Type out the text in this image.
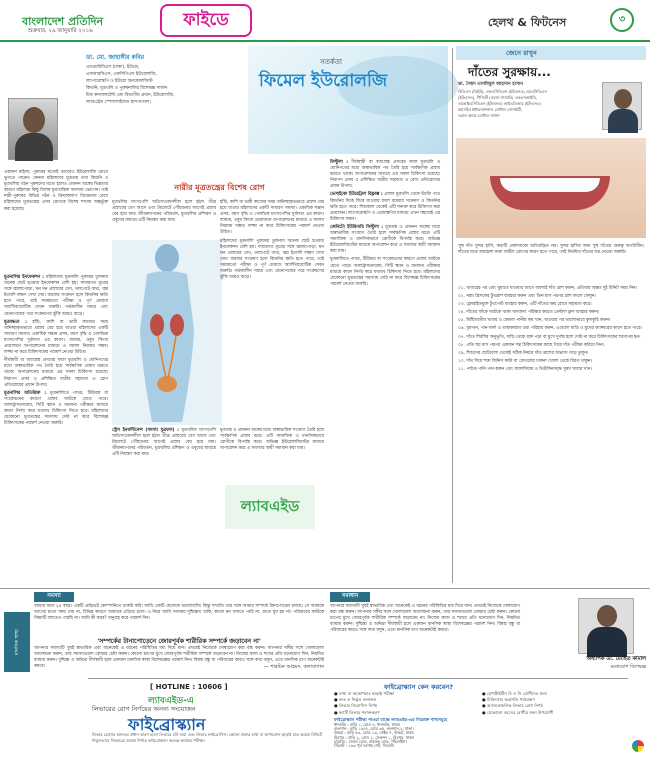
বাংলাদেশ প্রতিদিন
শুক্রবার, ২৯ জানুয়ারি ২০১৬
ফাইডে	হেলথ & ফিটনেস	৩
ডা. মো. জাহাঙ্গীর কবির
এমএমবিবিএস (ঢাকা), ইউরো,
এফআরসিএস, এফসিপিএস ইউরোলজি,
ল্যাপারোস্কপি ও ইউরো অনকোলজিস্ট
কিডনি, মূত্রথলি ও পুরুষনালির বিশেষজ্ঞ সার্জন
চিফ কনসালটেন্ট এন্ড বিভাগীয় প্রধান, ইউরোলজি,
ল্যাবএইড স্পেশালাইজড হাসপাতাল।
সতর্কতা
ফিমেল ইউরোলজি
একজন মহিলা, পুরুষের মতোই তাদেরও ইউরোলজি রোগে ভুগতে পারেন। কেননা মহিলাদের মূত্রতন্ত্র তথা কিডনি ও মূত্রথলির গঠন পুরুষদের মতো হলেও প্রজনন অঙ্গের ভিন্নতার কারণে মহিলারা কিছু বিশেষ মূত্রতান্ত্রিক সমস্যায় ভোগেন। তাই নারী-পুরুষের বিভিন্ন গঠন ও ক্রিয়াকলাপ বিবেচনায় রেখে মহিলাদের মূত্রতন্ত্রের এসব রোগকে বিশেষ শাখায় অন্তর্ভুক্ত করা হয়েছে।
নারীর মূত্রতন্ত্রের বিশেষ রোগ

মূত্রনালির ইনফেকশন : মহিলাদের মূত্রনালি পুরুষের তুলনায় অনেক ছোট হওয়ায় ইনফেকশন বেশি হয়। সাধারণত মূত্রের সঙ্গে জ্বালাপোড়া, ঘন ঘন প্রস্রাবের বেগ, তলপেটে ব্যথা, জ্বর ইত্যাদি লক্ষণ দেখা দেয়। বারবার সংক্রমণ হলে কিডনির ক্ষতি হতে পারে, তাই সময়মতো পরীক্ষা ও পূর্ণ মেয়াদে অ্যান্টিবায়োটিক সেবন জরুরি। গর্ভকালীন সময়ে এবং মেনোপজের পরে সংক্রমণের ঝুঁকি আরও বাড়ে।

মূত্রবদ্ধতা : হাঁচি, কাশি বা ভারী কাজের সময় অনিচ্ছাকৃতভাবে প্রস্রাব বের হয়ে যাওয়া মহিলাদের একটি সাধারণ সমস্যা। একাধিক সন্তান প্রসব, বয়স বৃদ্ধি ও পেলভিক মাংসপেশির দুর্বলতা এর কারণ। ব্যায়াম, ওষুধ কিংবা প্রয়োজনে অপারেশনের মাধ্যমে এ সমস্যা নিরাময় সম্ভব। লজ্জা না করে চিকিৎসকের পরামর্শ নেওয়া উচিত।

দীর্ঘস্থায়ী বা বাধাগ্রস্ত প্রসবের ফলে মূত্রথলি ও যোনিপথের মধ্যে অস্বাভাবিক পথ তৈরি হয়ে সার্বক্ষণিক প্রস্রাব ঝরতে থাকে। অপারেশনের মাধ্যমে এর সফল চিকিৎসা রয়েছে। নিরাপদ প্রসব ও প্রশিক্ষিত ধাত্রীর সহায়তা এ রোগ প্রতিরোধের প্রধান উপায়।

মূত্রনালির অতিরিক্ত : মূত্রনালিতে পাথর, টিউমার বা সংকোচনের কারণে প্রস্রাব আটকে যেতে পারে। আলট্রাসনোগ্রাম, সিটি স্ক্যান ও অন্যান্য পরীক্ষার মাধ্যমে কারণ নির্ণয় করে যথাযথ চিকিৎসা নিতে হবে। মহিলাদের যেকোনো মূত্রতন্ত্রের সমস্যায় দেরি না করে বিশেষজ্ঞ চিকিৎসকের পরামর্শ নেওয়া জরুরি।

মূত্রথলির মাংসপেশি অতিসংবেদনশীল হলে হঠাৎ তীব্র প্রস্রাবের বেগ আসে এবং টয়লেটে পৌঁছানোর আগেই প্রস্রাব বের হয়ে যায়। জীবনযাপনের পরিবর্তন, মূত্রথলির প্রশিক্ষণ ও ওষুধের মাধ্যমে এটি নিয়ন্ত্রণ করা যায়।

স্ট্রেস ইনকন্টিনেন্স (সমস্যা মূত্রফল) : মূত্রথলির মাংসপেশি অতিসংবেদনশীল হলে হঠাৎ তীব্র প্রস্রাবের বেগ আসে এবং টয়লেটে পৌঁছানোর আগেই প্রস্রাব বের হয়ে যায়। জীবনযাপনের পরিবর্তন, মূত্রথলির প্রশিক্ষণ ও ওষুধের মাধ্যমে এটি নিয়ন্ত্রণ করা যায়।

মূত্রতন্ত্র ও প্রজনন অঙ্গের মধ্যে অস্বাভাবিক সংযোগ তৈরি হলে সার্বক্ষণিক প্রস্রাব ঝরে। এটি সামাজিক ও মানসিকভাবে রোগীকে বিপর্যস্ত করে। অভিজ্ঞ ইউরোলজিস্টের মাধ্যমে অপারেশন করে এ সমস্যার স্থায়ী সমাধান করা যায়।

হাঁচি, কাশি বা ভারী কাজের সময় অনিচ্ছাকৃতভাবে প্রস্রাব বের হয়ে যাওয়া মহিলাদের একটি সাধারণ সমস্যা। একাধিক সন্তান প্রসব, বয়স বৃদ্ধি ও পেলভিক মাংসপেশির দুর্বলতা এর কারণ। ব্যায়াম, ওষুধ কিংবা প্রয়োজনে অপারেশনের মাধ্যমে এ সমস্যা নিরাময় সম্ভব। লজ্জা না করে চিকিৎসকের পরামর্শ নেওয়া উচিত।

মহিলাদের মূত্রনালি পুরুষের তুলনায় অনেক ছোট হওয়ায় ইনফেকশন বেশি হয়। সাধারণত মূত্রের সঙ্গে জ্বালাপোড়া, ঘন ঘন প্রস্রাবের বেগ, তলপেটে ব্যথা, জ্বর ইত্যাদি লক্ষণ দেখা দেয়। বারবার সংক্রমণ হলে কিডনির ক্ষতি হতে পারে, তাই সময়মতো পরীক্ষা ও পূর্ণ মেয়াদে অ্যান্টিবায়োটিক সেবন জরুরি। গর্ভকালীন সময়ে এবং মেনোপজের পরে সংক্রমণের ঝুঁকি আরও বাড়ে।

ল্যাবএইড

ফিস্টুলা : দীর্ঘস্থায়ী বা বাধাগ্রস্ত প্রসবের ফলে মূত্রথলি ও যোনিপথের মধ্যে অস্বাভাবিক পথ তৈরি হয়ে সার্বক্ষণিক প্রস্রাব ঝরতে থাকে। অপারেশনের মাধ্যমে এর সফল চিকিৎসা রয়েছে। নিরাপদ প্রসব ও প্রশিক্ষিত ধাত্রীর সহায়তা এ রোগ প্রতিরোধের প্রধান উপায়।

ভেসাইকো ইউরেট্রাল রিফ্লাক্স : প্রস্রাব মূত্রথলি থেকে উল্টো পথে কিডনির দিকে ফিরে যাওয়ার ফলে বারবার সংক্রমণ ও কিডনির ক্ষতি হতে পারে। শিশুকাল থেকেই এটি শনাক্ত করে চিকিৎসা করা প্রয়োজন। ল্যাপারোস্কপি ও এন্ডোস্কপির মাধ্যমে এখন সহজেই এর চিকিৎসা সম্ভব।

জেনিটো ইউরিনারি ফিস্টুলা : মূত্রতন্ত্র ও প্রজনন অঙ্গের মধ্যে অস্বাভাবিক সংযোগ তৈরি হলে সার্বক্ষণিক প্রস্রাব ঝরে। এটি সামাজিক ও মানসিকভাবে রোগীকে বিপর্যস্ত করে। অভিজ্ঞ ইউরোলজিস্টের মাধ্যমে অপারেশন করে এ সমস্যার স্থায়ী সমাধান করা যায়।

মূত্রনালিতে পাথর, টিউমার বা সংকোচনের কারণে প্রস্রাব আটকে যেতে পারে। আলট্রাসনোগ্রাম, সিটি স্ক্যান ও অন্যান্য পরীক্ষার মাধ্যমে কারণ নির্ণয় করে যথাযথ চিকিৎসা নিতে হবে। মহিলাদের যেকোনো মূত্রতন্ত্রের সমস্যায় দেরি না করে বিশেষজ্ঞ চিকিৎসকের পরামর্শ নেওয়া জরুরি।

জেনে রাখুন
দাঁতের সুরক্ষায়...
ডা. সৈয়দ তাসমিমুল আহসান হাসান
বিডিএস (ডিইউ), এফএসিডিএস (ইউএসএ) এমএসিডিএস
(ইউএসএ), পিজিটি (ওরাল সার্জারি) এফএসআইডি,
এমআইএসিডিএস (ইউএসএ) আইএডিআর (ইউএসএ)
মহাসচিব ইন্টারন্যাশনাল ডেন্টাল সোসাইটি,
ওরাল অ্যান্ড ডেন্টাল সার্জন
সুস্থ দাঁত সুন্দর হাসি, কথাটি প্রবাদবাক্যে অতিরঞ্জিত নয়। সুন্দর হাসির জন্য সুস্থ দাঁতের গুরুত্ব অপরিসীম। দাঁতের যত্নে অবহেলা নানা জটিল রোগের কারণ হতে পারে, তাই নিয়মিত দাঁতের যত্ন নেওয়া জরুরি।

০১. খাবারের পর এবং ঘুমাতে যাওয়ার আগে অবশ্যই দাঁত ব্রাশ করুন, প্রতিবার অন্তত দুই মিনিট সময় নিন।

০২. নরম ব্রিসলের টুথব্রাশ ব্যবহার করুন এবং তিন মাস পরপর ব্রাশ বদলে ফেলুন।

০৩. ফ্লোরাইডযুক্ত টুথপেস্ট ব্যবহার করুন, এটি দাঁতের ক্ষয় রোধে সহায়তা করে।

০৪. দাঁতের ফাঁকে আটকে থাকা খাদ্যকণা পরিষ্কার করতে ডেন্টাল ফ্লস ব্যবহার করুন।

০৫. মিষ্টিজাতীয় খাবার ও কোমল পানীয় কম খান, খাওয়ার পর ভালোভাবে কুলকুচি করুন।

০৬. ধূমপান, পান-জর্দা ও তামাকজাত দ্রব্য পরিহার করুন, এগুলো মাড়ি ও মুখের ক্যান্সারের কারণ হতে পারে।

০৭. দাঁতে শিরশির অনুভূতি, মাড়ি থেকে রক্ত পড়া বা মুখে দুর্গন্ধ হলে দেরি না করে চিকিৎসকের শরণাপন্ন হন।

০৮. প্রতি ছয় মাস পরপর একজন দন্ত চিকিৎসকের কাছে গিয়ে দাঁত পরীক্ষা করিয়ে নিন।

০৯. শিশুদের ছোটবেলা থেকেই সঠিক নিয়মে দাঁত ব্রাশের অভ্যাস গড়ে তুলুন।

১০. দাঁত দিয়ে শক্ত জিনিস কাটা বা বোতলের ঢাকনা খোলা থেকে বিরত থাকুন।

১১. পর্যাপ্ত পানি পান করুন এবং ক্যালসিয়াম ও ভিটামিনসমৃদ্ধ সুষম খাবার খান।

মানসিক স্বাস্থ্য
সমস্যা
আমার বয়স ২৪ বছর। একটি প্রাইভেট কোম্পানিতে চাকরি করি। আমি একটি ছেলেকে ভালোবাসি। কিন্তু সম্প্রতি তার সঙ্গে আমার সম্পর্কে টানাপোড়েন চলছে। সে আমাকে আগের মতো সময় দেয় না, বিভিন্ন কারণে আমাকে এড়িয়ে চলে। এ নিয়ে আমি সবসময় দুশ্চিন্তায় থাকি, কাজে মন বসাতে পারি না, রাতে ঘুম হয় না। পরিবারের কাউকে বিষয়টি বলতেও পারছি না। আমি কী করব? অনুগ্রহ করে পরামর্শ দিন।
'সম্পর্কের টানাপোড়েনে জোরপূর্বক শারীরিক সম্পর্কে জড়াবেন না'
আপনার সমস্যাটি খুবই স্বাভাবিক এবং অনেকেই এ ধরনের পরিস্থিতির মধ্য দিয়ে যান। প্রথমেই নিজেকে দোষারোপ করা বন্ধ করুন। আপনার সঙ্গীর সঙ্গে খোলামেলা আলোচনা করুন, তার সমস্যাগুলো বোঝার চেষ্টা করুন। কোনো চাপের মুখে জোরপূর্বক শারীরিক সম্পর্কে জড়াবেন না। নিজের কাজ ও শখের প্রতি মনোযোগ দিন, নিয়মিত ব্যায়াম করুন। দুশ্চিন্তা ও অনিদ্রা দীর্ঘস্থায়ী হলে একজন মানসিক স্বাস্থ্য বিশেষজ্ঞের পরামর্শ নিন। বিশ্বস্ত বন্ধু বা পরিবারের কারও সঙ্গে কথা বলুন, এতে মানসিক চাপ অনেকটাই কমবে।	— শারমিন আহমদ, কলাবাগান
সমাধান
আপনার সমস্যাটি খুবই স্বাভাবিক এবং অনেকেই এ ধরনের পরিস্থিতির মধ্য দিয়ে যান। প্রথমেই নিজেকে দোষারোপ করা বন্ধ করুন। আপনার সঙ্গীর সঙ্গে খোলামেলা আলোচনা করুন, তার সমস্যাগুলো বোঝার চেষ্টা করুন। কোনো চাপের মুখে জোরপূর্বক শারীরিক সম্পর্কে জড়াবেন না। নিজের কাজ ও শখের প্রতি মনোযোগ দিন, নিয়মিত ব্যায়াম করুন। দুশ্চিন্তা ও অনিদ্রা দীর্ঘস্থায়ী হলে একজন মানসিক স্বাস্থ্য বিশেষজ্ঞের পরামর্শ নিন। বিশ্বস্ত বন্ধু বা পরিবারের কারও সঙ্গে কথা বলুন, এতে মানসিক চাপ অনেকটাই কমবে।
অধ্যাপক ডা. মোহিত কামাল
মনোরোগ বিশেষজ্ঞ
[ HOTLINE : 10606 ]
ল্যাবএইড-এ
লিভারের রোগ নির্ণয়ের অনন্য সংযোজন
ফাইব্রোস্ক্যান
লিভার রোগের অন্যতম প্রধান কারণ হলো লিভারে চর্বি জমা এবং লিভার ফাইব্রোসিস। কোনো প্রকার ব্যথা বা অপারেশন ছাড়াই মাত্র কয়েক মিনিটে নির্ভুলভাবে লিভারের অবস্থা নির্ণয়ে ফাইব্রোস্ক্যান অত্যন্ত কার্যকর পরীক্ষা।
ফাইব্রোস্ক্যান কেন করবেন?
● ব্যথা বা অস্ত্রোপচার ছাড়াই পরীক্ষা	● হেপাটাইটিস বি ও সি রোগীদের জন্য
● দ্রুত ও নির্ভুল ফলাফল	● চিকিৎসার অগ্রগতি পর্যবেক্ষণ
● লিভার সিরোসিস নির্ণয়	● অ্যালকোহলিক লিভার রোগ নির্ণয়
● ফ্যাটি লিভার শনাক্তকরণ	● যেকোনো বয়সের রোগীর জন্য উপযোগী
ফাইব্রোস্ক্যান পরীক্ষা পাওয়া যাচ্ছে ল্যাবএইড-এর নিম্নোক্ত শাখাসমূহে
ধানমন্ডি : বাড়ি ১, রোড ৪, ধানমন্ডি, ঢাকা।
গুলশান : বাড়ি ১৪/এ, রোড ৩৫, গুলশান-২, ঢাকা।
উত্তরা : বাড়ি ৫৩, রোড ১৬, সেক্টর ৭, উত্তরা, ঢাকা।
মিরপুর : বাড়ি ২, রোড ২, সেকশন ১, মিরপুর, ঢাকা।
চট্টগ্রাম : জেলা রোড, প্রবর্তক মোড়, পাঁচলাইশ।
সিলেট : ১৬৩ পূর্ব দরগাহ গেট, সিলেট।
